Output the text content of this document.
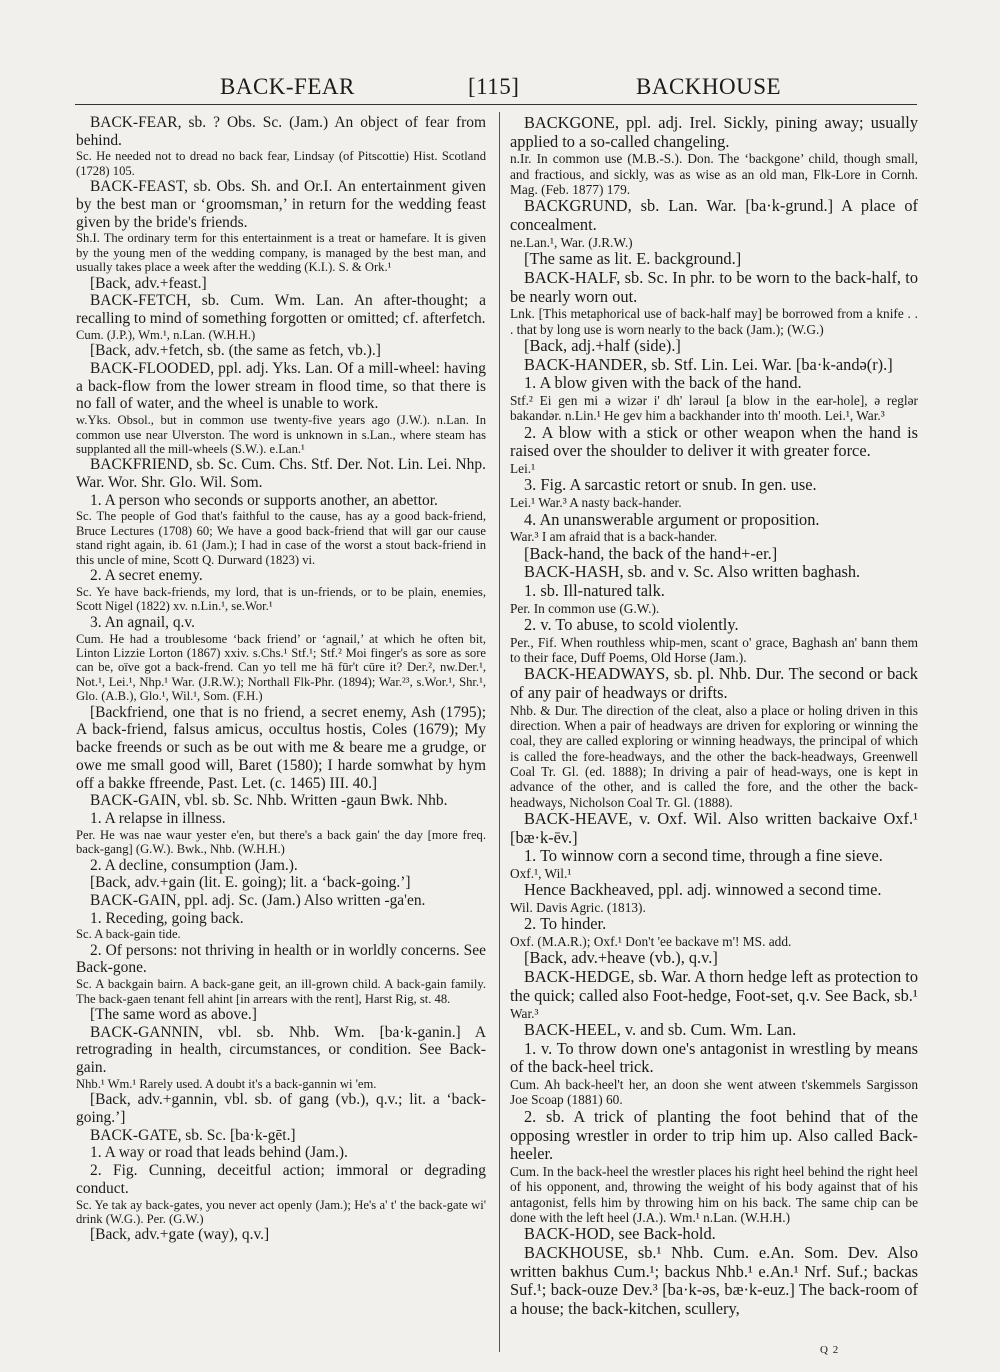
BACK-FEAR	[115]	BACKHOUSE
BACK-FEAR, sb. ? Obs. Sc. (Jam.) An object of fear from behind.
Sc. He needed not to dread no back fear, Lindsay (of Pitscottie) Hist. Scotland (1728) 105.
BACK-FEAST, sb. Obs. Sh. and Or.I. An entertainment given by the best man or ‘groomsman,’ in return for the wedding feast given by the bride's friends.
Sh.I. The ordinary term for this entertainment is a treat or hamefare. It is given by the young men of the wedding company, is managed by the best man, and usually takes place a week after the wedding (K.I.). S. & Ork.¹
[Back, adv.+feast.]
BACK-FETCH, sb. Cum. Wm. Lan. An after-thought; a recalling to mind of something forgotten or omitted; cf. afterfetch.
Cum. (J.P.), Wm.¹, n.Lan. (W.H.H.)
[Back, adv.+fetch, sb. (the same as fetch, vb.).]
BACK-FLOODED, ppl. adj. Yks. Lan. Of a mill-wheel: having a back-flow from the lower stream in flood time, so that there is no fall of water, and the wheel is unable to work.
w.Yks. Obsol., but in common use twenty-five years ago (J.W.). n.Lan. In common use near Ulverston. The word is unknown in s.Lan., where steam has supplanted all the mill-wheels (S.W.). e.Lan.¹
BACKFRIEND, sb. Sc. Cum. Chs. Stf. Der. Not. Lin. Lei. Nhp. War. Wor. Shr. Glo. Wil. Som.
1. A person who seconds or supports another, an abettor.
Sc. The people of God that's faithful to the cause, has ay a good back-friend, Bruce Lectures (1708) 60; We have a good back-friend that will gar our cause stand right again, ib. 61 (Jam.); I had in case of the worst a stout back-friend in this uncle of mine, Scott Q. Durward (1823) vi.
2. A secret enemy.
Sc. Ye have back-friends, my lord, that is un-friends, or to be plain, enemies, Scott Nigel (1822) xv. n.Lin.¹, se.Wor.¹
3. An agnail, q.v.
Cum. He had a troublesome ‘back friend’ or ‘agnail,’ at which he often bit, Linton Lizzie Lorton (1867) xxiv. s.Chs.¹ Stf.¹; Stf.² Moi finger's as sore as sore can be, oïve got a back-frend. Can yo tell me hā fūr't cūre it? Der.², nw.Der.¹, Not.¹, Lei.¹, Nhp.¹ War. (J.R.W.); Northall Flk-Phr. (1894); War.²³, s.Wor.¹, Shr.¹, Glo. (A.B.), Glo.¹, Wil.¹, Som. (F.H.)
[Backfriend, one that is no friend, a secret enemy, Ash (1795); A back-friend, falsus amicus, occultus hostis, Coles (1679); My backe freends or such as be out with me & beare me a grudge, or owe me small good will, Baret (1580); I harde somwhat by hym off a bakke ffreende, Past. Let. (c. 1465) III. 40.]
BACK-GAIN, vbl. sb. Sc. Nhb. Written -gaun Bwk. Nhb.
1. A relapse in illness.
Per. He was nae waur yester e'en, but there's a back gain' the day [more freq. back-gang] (G.W.). Bwk., Nhb. (W.H.H.)
2. A decline, consumption (Jam.).
[Back, adv.+gain (lit. E. going); lit. a ‘back-going.’]
BACK-GAIN, ppl. adj. Sc. (Jam.) Also written -ga'en.
1. Receding, going back.
Sc. A back-gain tide.
2. Of persons: not thriving in health or in worldly concerns. See Back-gone.
Sc. A backgain bairn. A back-gane geit, an ill-grown child. A back-gain family. The back-gaen tenant fell ahint [in arrears with the rent], Harst Rig, st. 48.
[The same word as above.]
BACK-GANNIN, vbl. sb. Nhb. Wm. [ba·k-ganin.] A retrograding in health, circumstances, or condition. See Back-gain.
Nhb.¹ Wm.¹ Rarely used. A doubt it's a back-gannin wi 'em.
[Back, adv.+gannin, vbl. sb. of gang (vb.), q.v.; lit. a ‘back-going.’]
BACK-GATE, sb. Sc. [ba·k-gēt.]
1. A way or road that leads behind (Jam.).
2. Fig. Cunning, deceitful action; immoral or degrading conduct.
Sc. Ye tak ay back-gates, you never act openly (Jam.); He's a' t' the back-gate wi' drink (W.G.). Per. (G.W.)
[Back, adv.+gate (way), q.v.]
BACKGONE, ppl. adj. Irel. Sickly, pining away; usually applied to a so-called changeling.
n.Ir. In common use (M.B.-S.). Don. The ‘backgone’ child, though small, and fractious, and sickly, was as wise as an old man, Flk-Lore in Cornh. Mag. (Feb. 1877) 179.
BACKGRUND, sb. Lan. War. [ba·k-grund.] A place of concealment.
ne.Lan.¹, War. (J.R.W.)
[The same as lit. E. background.]
BACK-HALF, sb. Sc. In phr. to be worn to the back-half, to be nearly worn out.
Lnk. [This metaphorical use of back-half may] be borrowed from a knife . . . that by long use is worn nearly to the back (Jam.); (W.G.)
[Back, adj.+half (side).]
BACK-HANDER, sb. Stf. Lin. Lei. War. [ba·k-andə(r).]
1. A blow given with the back of the hand.
Stf.² Ei gen mi ə wizər i' dh' lərəul [a blow in the ear-hole], ə reglər bakandər. n.Lin.¹ He gev him a backhander into th' mooth. Lei.¹, War.³
2. A blow with a stick or other weapon when the hand is raised over the shoulder to deliver it with greater force.
Lei.¹
3. Fig. A sarcastic retort or snub. In gen. use.
Lei.¹ War.³ A nasty back-hander.
4. An unanswerable argument or proposition.
War.³ I am afraid that is a back-hander.
[Back-hand, the back of the hand+-er.]
BACK-HASH, sb. and v. Sc. Also written baghash.
1. sb. Ill-natured talk.
Per. In common use (G.W.).
2. v. To abuse, to scold violently.
Per., Fif. When routhless whip-men, scant o' grace, Baghash an' bann them to their face, Duff Poems, Old Horse (Jam.).
BACK-HEADWAYS, sb. pl. Nhb. Dur. The second or back of any pair of headways or drifts.
Nhb. & Dur. The direction of the cleat, also a place or holing driven in this direction. When a pair of headways are driven for exploring or winning the coal, they are called exploring or winning headways, the principal of which is called the fore-headways, and the other the back-headways, Greenwell Coal Tr. Gl. (ed. 1888); In driving a pair of head-ways, one is kept in advance of the other, and is called the fore, and the other the back-headways, Nicholson Coal Tr. Gl. (1888).
BACK-HEAVE, v. Oxf. Wil. Also written backaive Oxf.¹ [bæ·k-ēv.]
1. To winnow corn a second time, through a fine sieve.
Oxf.¹, Wil.¹
Hence Backheaved, ppl. adj. winnowed a second time.
Wil. Davis Agric. (1813).
2. To hinder.
Oxf. (M.A.R.); Oxf.¹ Don't 'ee backave m'! MS. add.
[Back, adv.+heave (vb.), q.v.]
BACK-HEDGE, sb. War. A thorn hedge left as protection to the quick; called also Foot-hedge, Foot-set, q.v. See Back, sb.¹
War.³
BACK-HEEL, v. and sb. Cum. Wm. Lan.
1. v. To throw down one's antagonist in wrestling by means of the back-heel trick.
Cum. Ah back-heel't her, an doon she went atween t'skemmels Sargisson Joe Scoap (1881) 60.
2. sb. A trick of planting the foot behind that of the opposing wrestler in order to trip him up. Also called Back-heeler.
Cum. In the back-heel the wrestler places his right heel behind the right heel of his opponent, and, throwing the weight of his body against that of his antagonist, fells him by throwing him on his back. The same chip can be done with the left heel (J.A.). Wm.¹ n.Lan. (W.H.H.)
BACK-HOD, see Back-hold.
BACKHOUSE, sb.¹ Nhb. Cum. e.An. Som. Dev. Also written bakhus Cum.¹; backus Nhb.¹ e.An.¹ Nrf. Suf.; backas Suf.¹; back-ouze Dev.³ [ba·k-əs, bæ·k-euz.] The back-room of a house; the back-kitchen, scullery,
Q 2
